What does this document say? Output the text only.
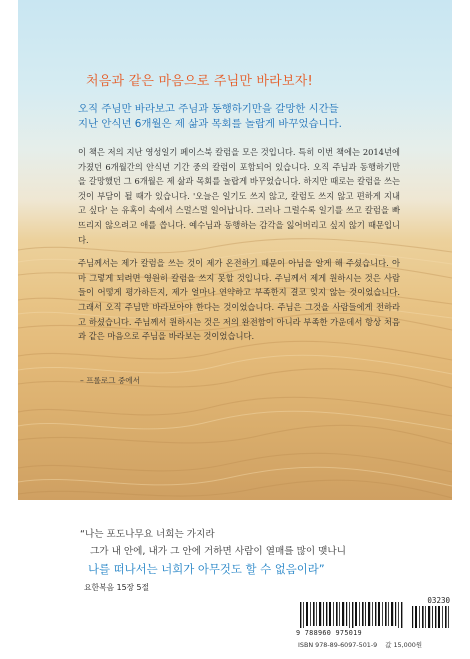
처음과 같은 마음으로 주님만 바라보자!
오직 주님만 바라보고 주님과 동행하기만을 갈망한 시간들
지난 안식년 6개월은 제 삶과 목회를 놀랍게 바꾸었습니다.

이 책은 저의 지난 영성일기 페이스북 칼럼을 모은 것입니다. 특히 이번 책에는 2014년에 가졌던 6개월간의 안식년 기간 중의 칼럼이 포함되어 있습니다. 오직 주님과 동행하기만을 갈망했던 그 6개월은 제 삶과 목회를 놀랍게 바꾸었습니다. 하지만 때로는 칼럼을 쓰는 것이 부담이 될 때가 있습니다. '오늘은 일기도 쓰지 않고, 칼럼도 쓰지 않고 편하게 지내고 싶다' 는 유혹이 속에서 스멀스멀 일어납니다. 그러나 그럴수록 일기를 쓰고 칼럼을 빠뜨리지 않으려고 애를 씁니다. 예수님과 동행하는 감각을 잃어버리고 싶지 않기 때문입니다.

주님께서는 제가 칼럼을 쓰는 것이 제가 온전하기 때문이 아님을 알게 해 주셨습니다. 아마 그렇게 되려면 영원히 칼럼을 쓰지 못할 것입니다. 주님께서 제게 원하시는 것은 사람들이 어떻게 평가하든지, 제가 얼마나 연약하고 부족한지 결코 잊지 않는 것이었습니다. 그래서 오직 주님만 바라보아야 한다는 것이었습니다. 주님은 그것을 사람들에게 전하라고 하셨습니다. 주님께서 원하시는 것은 저의 완전함이 아니라 부족한 가운데서 항상 처음과 같은 마음으로 주님을 바라보는 것이었습니다.

– 프롤로그 중에서
“나는 포도나무요 너희는 가지라
그가 내 안에, 내가 그 안에 거하면 사람이 열매를 많이 맺나니
나를 떠나서는 너희가 아무것도 할 수 없음이라”
요한복음 15장 5절
03230
9 788960 975019
ISBN 978-89-6097-501-9 값 15,000원
